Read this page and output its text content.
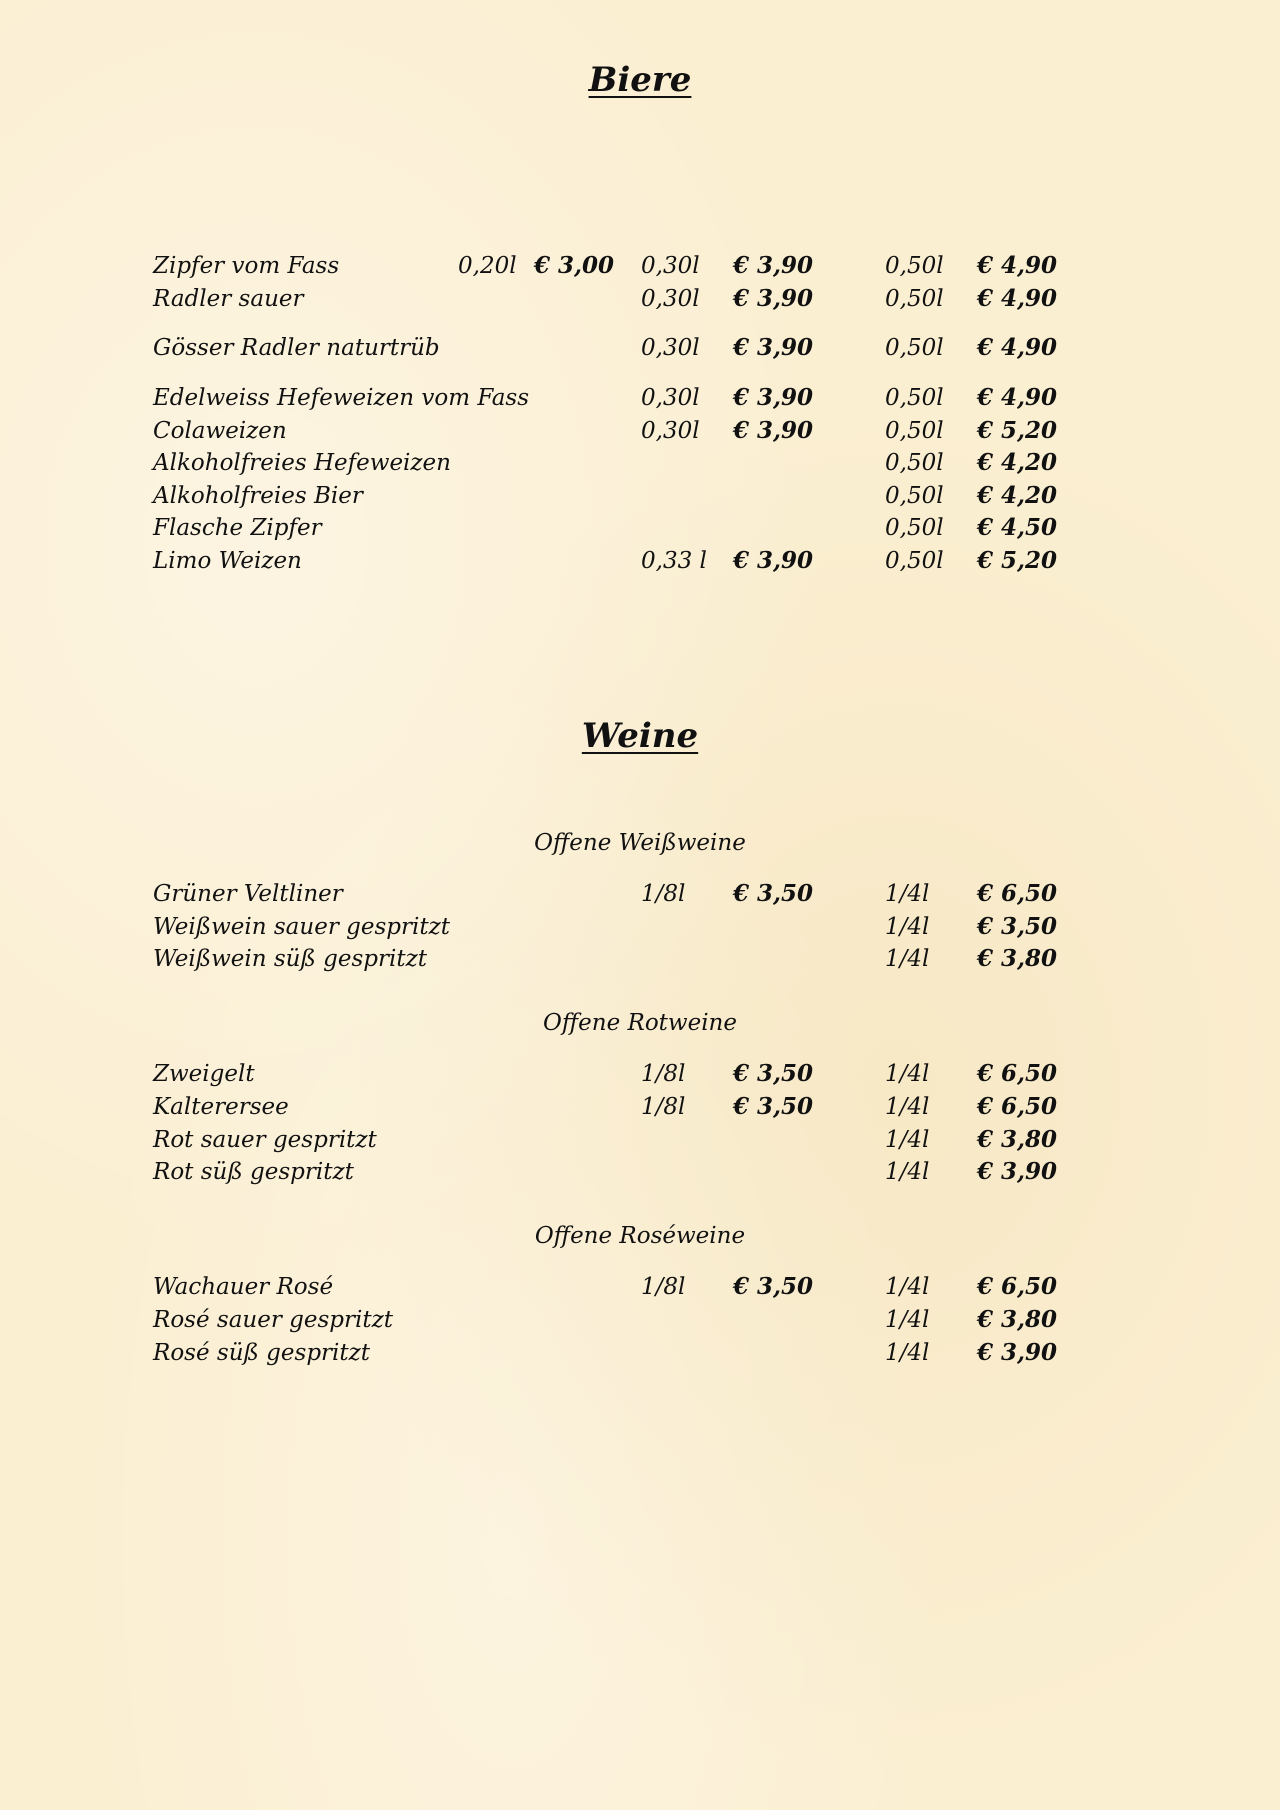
Biere
Zipfer vom Fass	0,20l € 3,00 0,30l € 3,90	0,50l € 4,90
Radler sauer	0,30l € 3,90	0,50l € 4,90
Gösser Radler naturtrüb	0,30l € 3,90	0,50l € 4,90
Edelweiss Hefeweizen vom Fass	0,30l € 3,90	0,50l € 4,90
Colaweizen	0,30l € 3,90	0,50l € 5,20
Alkoholfreies Hefeweizen	0,50l € 4,20
Alkoholfreies Bier	0,50l € 4,20
Flasche Zipfer	0,50l € 4,50
Limo Weizen	0,33 l € 3,90	0,50l € 5,20
Weine
Offene Weißweine
Grüner Veltliner	1/8l € 3,50	1/4l € 6,50
Weißwein sauer gespritzt	1/4l € 3,50
Weißwein süß gespritzt	1/4l € 3,80
Offene Rotweine
Zweigelt	1/8l € 3,50	1/4l € 6,50
Kalterersee	1/8l € 3,50	1/4l € 6,50
Rot sauer gespritzt	1/4l € 3,80
Rot süß gespritzt	1/4l € 3,90
Offene Roséweine
Wachauer Rosé	1/8l € 3,50	1/4l € 6,50
Rosé sauer gespritzt	1/4l € 3,80
Rosé süß gespritzt	1/4l € 3,90
